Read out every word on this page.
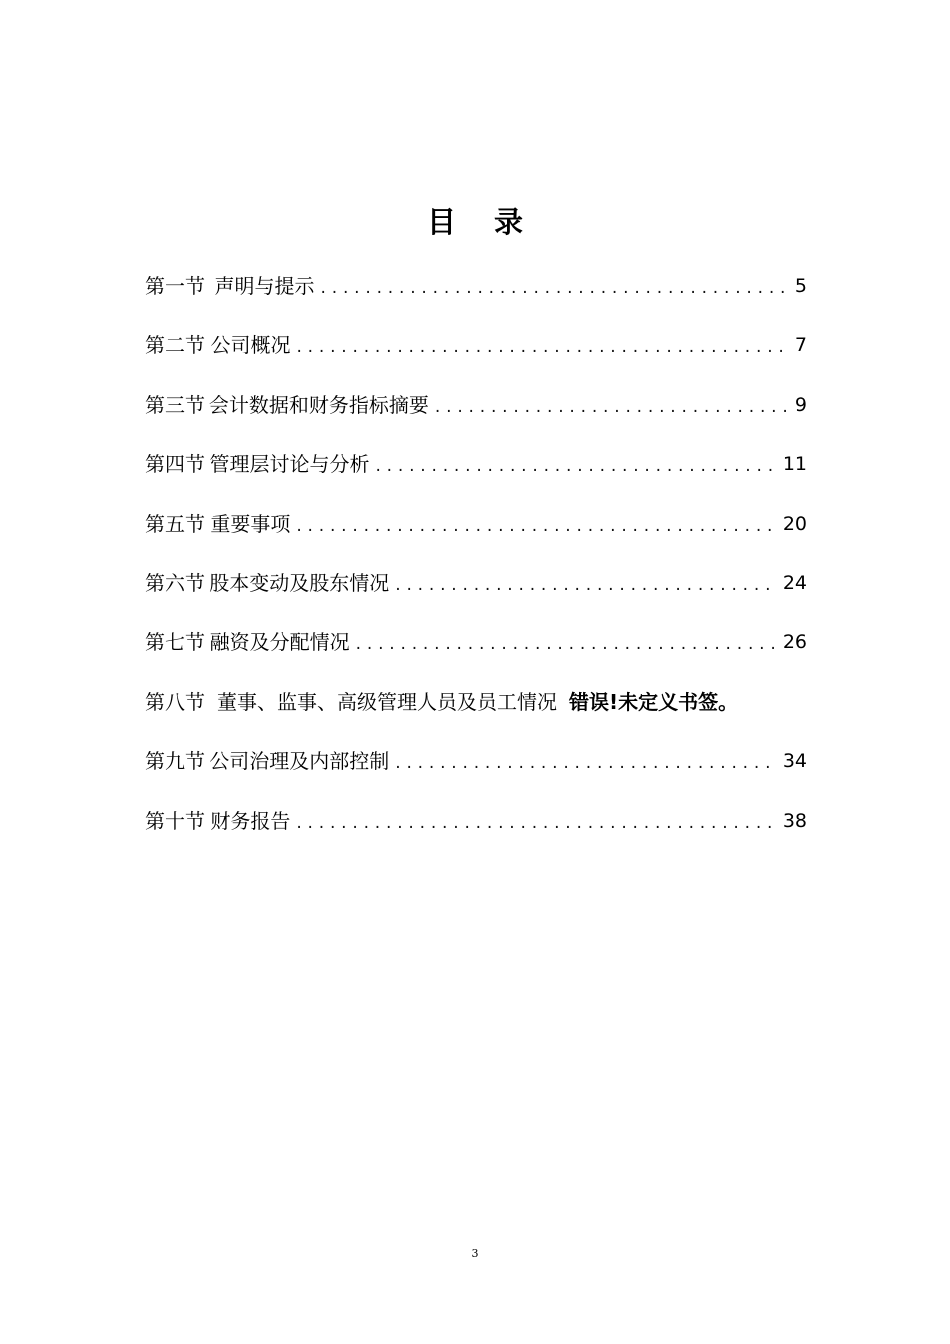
目 录
第一节 声明与提示 . . .	5
第二节 公司概况 . . .	7
第三节 会计数据和财务指标摘要 . . .	9
第四节 管理层讨论与分析 . . .	11
第五节 重要事项 . . .	20
第六节 股本变动及股东情况 . . .	24
第七节 融资及分配情况 . . .	26
第八节 董事、监事、高级管理人员及员工情况 错误!未定义书签。
第九节 公司治理及内部控制 . . .	34
第十节 财务报告 . . .	38
3
